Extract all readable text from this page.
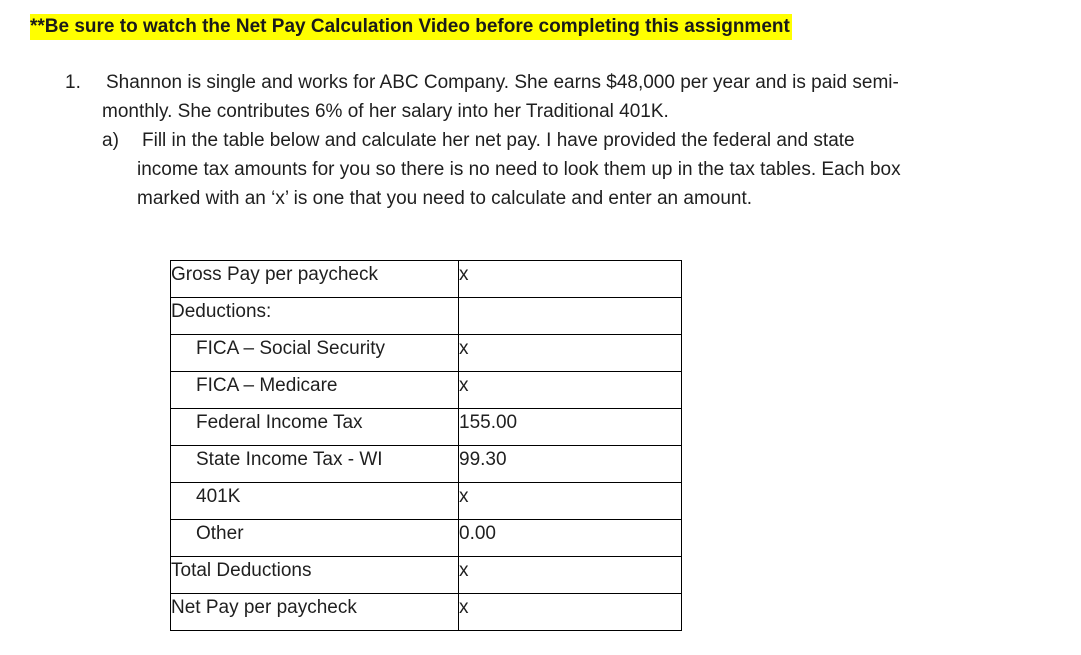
**Be sure to watch the Net Pay Calculation Video before completing this assignment
1. Shannon is single and works for ABC Company. She earns $48,000 per year and is paid semi-
monthly. She contributes 6% of her salary into her Traditional 401K.
a) Fill in the table below and calculate her net pay. I have provided the federal and state
income tax amounts for you so there is no need to look them up in the tax tables. Each box
marked with an ‘x’ is one that you need to calculate and enter an amount.
Gross Pay per paycheck	x
Deductions:	
FICA – Social Security	x
FICA – Medicare	x
Federal Income Tax	155.00
State Income Tax - WI	99.30
401K	x
Other	0.00
Total Deductions	x
Net Pay per paycheck	x
